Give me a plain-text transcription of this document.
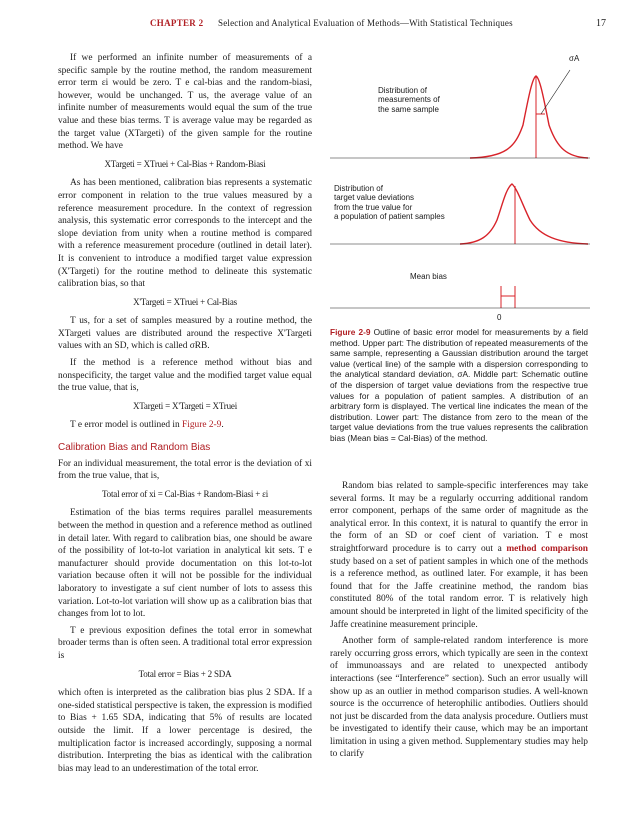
CHAPTER 2 Selection and Analytical Evaluation of Methods—With Statistical Techniques	17

If we performed an infinite number of measurements of a specific sample by the routine method, the random measurement error term εi would be zero. T e cal-bias and the random-biasi, however, would be unchanged. T us, the average value of an infinite number of measurements would equal the sum of the true value and these bias terms. T is average value may be regarded as the target value (XTargeti) of the given sample for the routine method. We have

XTargeti = XTruei + Cal-Bias + Random-Biasi

As has been mentioned, calibration bias represents a systematic error component in relation to the true values measured by a reference measurement procedure. In the context of regression analysis, this systematic error corresponds to the intercept and the slope deviation from unity when a routine method is compared with a reference measurement procedure (outlined in detail later). It is convenient to introduce a modified target value expression (X'Targeti) for the routine method to delineate this systematic calibration bias, so that

X'Targeti = XTruei + Cal-Bias

T us, for a set of samples measured by a routine method, the XTargeti values are distributed around the respective X'Targeti values with an SD, which is called σRB.

If the method is a reference method without bias and nonspecificity, the target value and the modified target value equal the true value, that is,

XTargeti = X'Targeti = XTruei

T e error model is outlined in Figure 2-9.

Calibration Bias and Random Bias

For an individual measurement, the total error is the deviation of xi from the true value, that is,

Total error of xi = Cal-Bias + Random-Biasi + εi

Estimation of the bias terms requires parallel measurements between the method in question and a reference method as outlined in detail later. With regard to calibration bias, one should be aware of the possibility of lot-to-lot variation in analytical kit sets. T e manufacturer should provide documentation on this lot-to-lot variation because often it will not be possible for the individual laboratory to investigate a suf cient number of lots to assess this variation. Lot-to-lot variation will show up as a calibration bias that changes from lot to lot.

T e previous exposition defines the total error in somewhat broader terms than is often seen. A traditional total error expression is

Total error = Bias + 2 SDA

which often is interpreted as the calibration bias plus 2 SDA. If a one-sided statistical perspective is taken, the expression is modified to Bias + 1.65 SDA, indicating that 5% of results are located outside the limit. If a lower percentage is desired, the multiplication factor is increased accordingly, supposing a normal distribution. Interpreting the bias as identical with the calibration bias may lead to an underestimation of the total error.

σA
Distribution of
measurements of
the same sample
Distribution of
target value deviations
from the true value for
a population of patient samples
Mean bias
0
Figure 2-9 Outline of basic error model for measurements by a field method. Upper part: The distribution of repeated measurements of the same sample, representing a Gaussian distribution around the target value (vertical line) of the sample with a dispersion corresponding to the analytical standard deviation, σA. Middle part: Schematic outline of the dispersion of target value deviations from the respective true values for a population of patient samples. A distribution of an arbitrary form is displayed. The vertical line indicates the mean of the distribution. Lower part: The distance from zero to the mean of the target value deviations from the true values represents the calibration bias (Mean bias = Cal-Bias) of the method.

Random bias related to sample-specific interferences may take several forms. It may be a regularly occurring additional random error component, perhaps of the same order of magnitude as the analytical error. In this context, it is natural to quantify the error in the form of an SD or coef cient of variation. T e most straightforward procedure is to carry out a method comparison study based on a set of patient samples in which one of the methods is a reference method, as outlined later. For example, it has been found that for the Jaffe creatinine method, the random bias constituted 80% of the total random error. T is relatively high amount should be interpreted in light of the limited specificity of the Jaffe creatinine measurement principle.

Another form of sample-related random interference is more rarely occurring gross errors, which typically are seen in the context of immunoassays and are related to unexpected antibody interactions (see “Interference” section). Such an error usually will show up as an outlier in method comparison studies. A well-known source is the occurrence of heterophilic antibodies. Outliers should not just be discarded from the data analysis procedure. Outliers must be investigated to identify their cause, which may be an important limitation in using a given method. Supplementary studies may help to clarify
